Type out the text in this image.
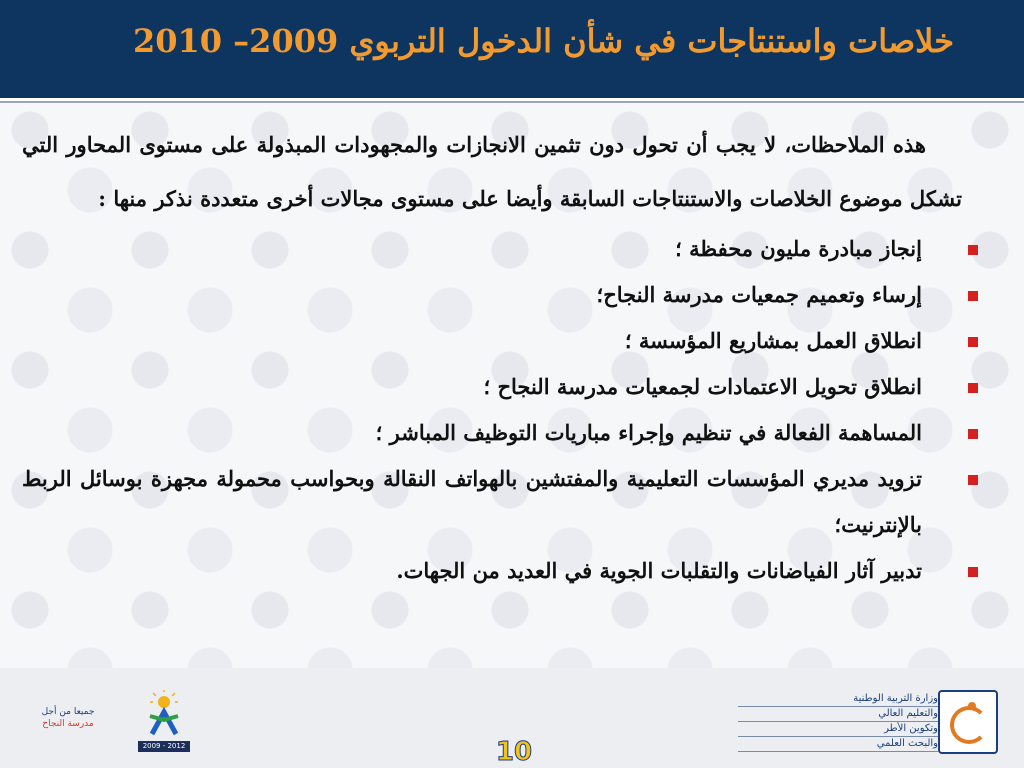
خلاصات واستنتاجات في شأن الدخول التربوي 2009– 2010

هذه الملاحظات، لا يجب أن تحول دون تثمين الانجازات والمجهودات المبذولة على مستوى المحاور التي تشكل موضوع الخلاصات والاستنتاجات السابقة وأيضا على مستوى مجالات أخرى متعددة نذكر منها :

إنجاز مبادرة مليون محفظة ؛
إرساء وتعميم جمعيات مدرسة النجاح؛
انطلاق العمل بمشاريع المؤسسة ؛
انطلاق تحويل الاعتمادات لجمعيات مدرسة النجاح ؛
المساهمة الفعالة في تنظيم وإجراء مباريات التوظيف المباشر ؛
تزويد مديري المؤسسات التعليمية والمفتشين بالهواتف النقالة وبحواسب محمولة مجهزة بوسائل الربط بالإنترنيت؛
تدبير آثار الفياضانات والتقلبات الجوية في العديد من الجهات.
جميعا من أجل
مدرسة النجاح
2009 - 2012	10
وزارة التربية الوطنية
والتعليم العالي
وتكوين الأطر
والبحث العلمي
